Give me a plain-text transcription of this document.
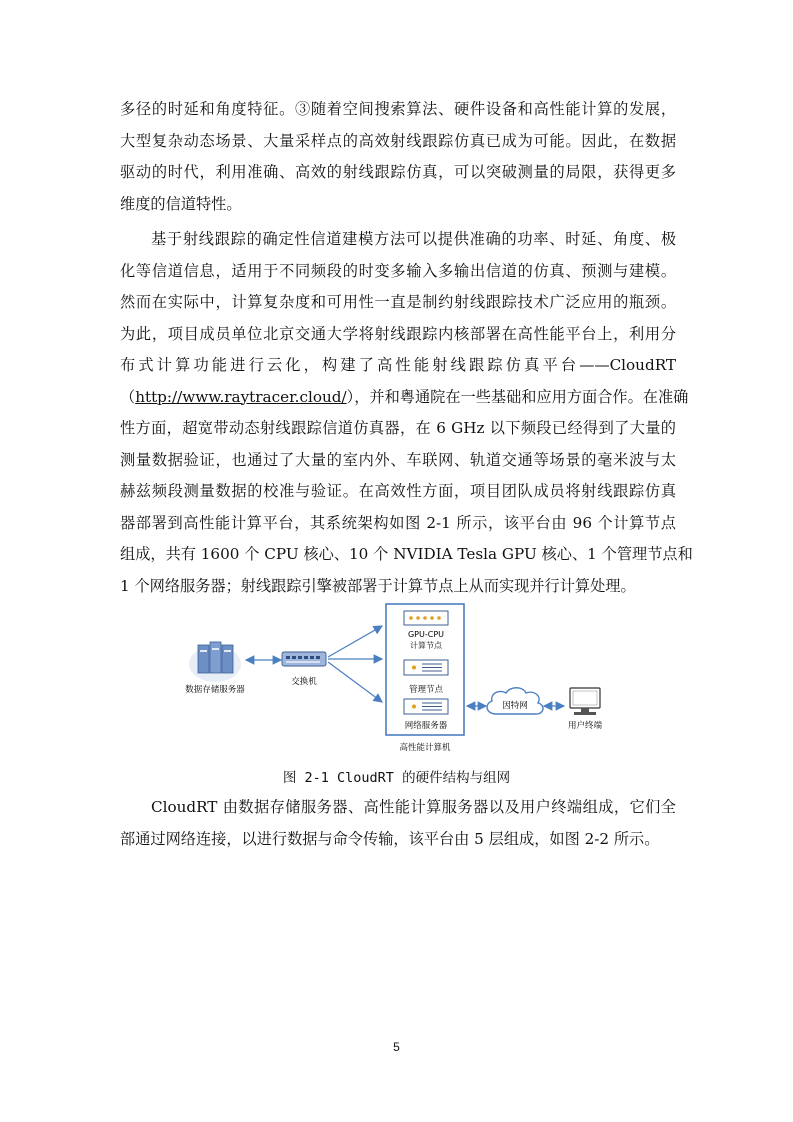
多径的时延和角度特征。③随着空间搜索算法、硬件设备和高性能计算的发展，
大型复杂动态场景、大量采样点的高效射线跟踪仿真已成为可能。因此，在数据
驱动的时代，利用准确、高效的射线跟踪仿真，可以突破测量的局限，获得更多
维度的信道特性。

基于射线跟踪的确定性信道建模方法可以提供准确的功率、时延、角度、极
化等信道信息，适用于不同频段的时变多输入多输出信道的仿真、预测与建模。
然而在实际中，计算复杂度和可用性一直是制约射线跟踪技术广泛应用的瓶颈。
为此，项目成员单位北京交通大学将射线跟踪内核部署在高性能平台上，利用分
布式计算功能进行云化，构建了高性能射线跟踪仿真平台——CloudRT
（http://www.raytracer.cloud/），并和粤通院在一些基础和应用方面合作。在准确
性方面，超宽带动态射线跟踪信道仿真器，在 6 GHz 以下频段已经得到了大量的
测量数据验证，也通过了大量的室内外、车联网、轨道交通等场景的毫米波与太
赫兹频段测量数据的校准与验证。在高效性方面，项目团队成员将射线跟踪仿真
器部署到高性能计算平台，其系统架构如图 2-1 所示，该平台由 96 个计算节点
组成，共有 1600 个 CPU 核心、10 个 NVIDIA Tesla GPU 核心、1 个管理节点和
1 个网络服务器；射线跟踪引擎被部署于计算节点上从而实现并行计算处理。

数据存储服务器
交换机
GPU-CPU
计算节点
管理节点
网络服务器
高性能计算机
因特网
用户终端
图 2-1 CloudRT 的硬件结构与组网

CloudRT 由数据存储服务器、高性能计算服务器以及用户终端组成，它们全
部通过网络连接，以进行数据与命令传输，该平台由 5 层组成，如图 2-2 所示。

5
